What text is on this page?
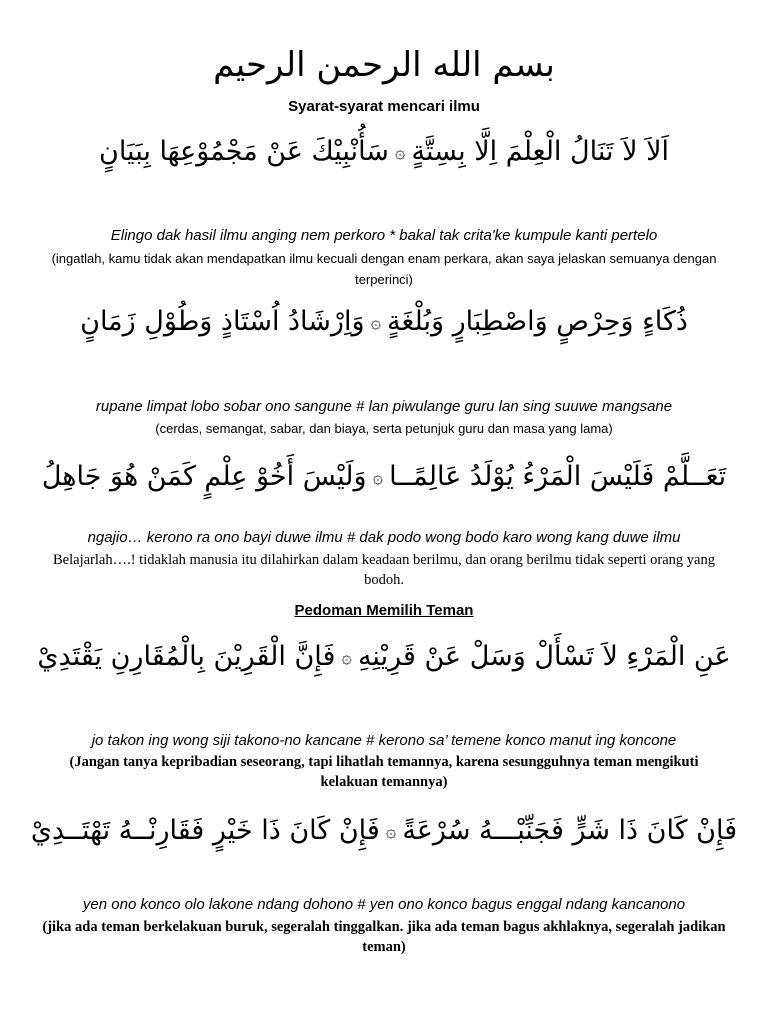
بسم الله الرحمن الرحيم
Syarat-syarat mencari ilmu
اَلاَ لاَ تَنَالُ الْعِلْمَ اِلَّا بِسِتَّةٍ۞سَأُنْبِيْكَ عَنْ مَجْمُوْعِهَا بِبَيَانٍ
Elingo dak hasil ilmu anging nem perkoro * bakal tak crita'ke kumpule kanti pertelo
(ingatlah, kamu tidak akan mendapatkan ilmu kecuali dengan enam perkara, akan saya jelaskan semuanya dengan terperinci)
ذُكَاءٍ وَحِرْصٍ وَاصْطِبَارٍ وَبُلْغَةٍ۞وَاِرْشَادُ اُسْتَاذٍ وَطُوْلِ زَمَانٍ
rupane limpat lobo sobar ono sangune # lan piwulange guru lan sing suuwe mangsane
(cerdas, semangat, sabar, dan biaya, serta petunjuk guru dan masa yang lama)
تَعَــلَّمْ فَلَيْسَ الْمَرْءُ يُوْلَدُ عَالِمًــا۞وَلَيْسَ أَخُوْ عِلْمٍ كَمَنْ هُوَ جَاهِلُ
ngajio… kerono ra ono bayi duwe ilmu # dak podo wong bodo karo wong kang duwe ilmu
Belajarlah….! tidaklah manusia itu dilahirkan dalam keadaan berilmu, dan orang berilmu tidak seperti orang yang bodoh.
Pedoman Memilih Teman
عَنِ الْمَرْءِ لاَ تَسْأَلْ وَسَلْ عَنْ قَرِيْنِهِ۞فَإِنَّ الْقَرِيْنَ بِالْمُقَارِنِ يَقْتَدِيْ
jo takon ing wong siji takono-no kancane # kerono sa’ temene konco manut ing koncone
(Jangan tanya kepribadian seseorang, tapi lihatlah temannya, karena sesungguhnya teman mengikuti kelakuan temannya)
فَإِنْ كَانَ ذَا شَرٍّ فَجَنِّبْـــهُ سُرْعَةً۞فَإِنْ كَانَ ذَا خَيْرٍ فَقَارِنْــهُ تَهْتَــدِيْ
yen ono konco olo lakone ndang dohono # yen ono konco bagus enggal ndang kancanono
(jika ada teman berkelakuan buruk, segeralah tinggalkan. jika ada teman bagus akhlaknya, segeralah jadikan teman)
